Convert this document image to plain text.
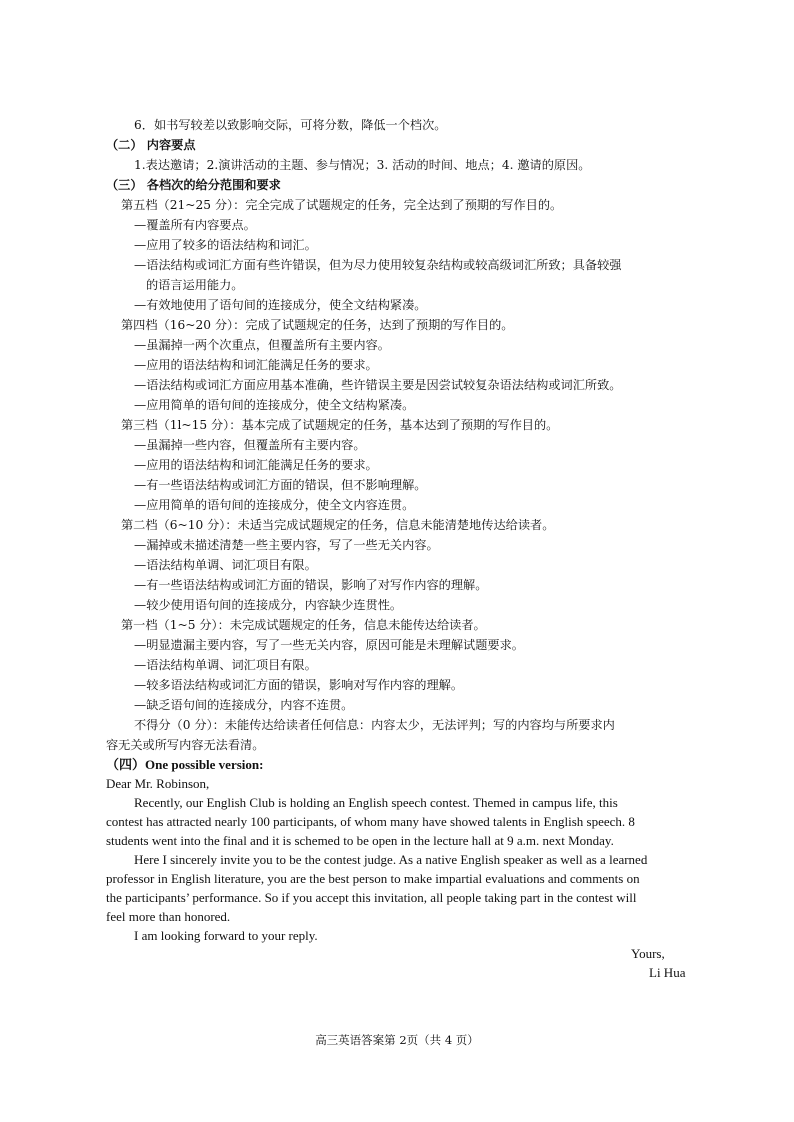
6．如书写较差以致影响交际，可将分数，降低一个档次。
（二） 内容要点
1.表达邀请；2.演讲活动的主题、参与情况；3. 活动的时间、地点；4. 邀请的原因。
（三） 各档次的给分范围和要求
第五档（21~25 分）：完全完成了试题规定的任务，完全达到了预期的写作目的。
—覆盖所有内容要点。
—应用了较多的语法结构和词汇。
—语法结构或词汇方面有些许错误，但为尽力使用较复杂结构或较高级词汇所致；具备较强
的语言运用能力。
—有效地使用了语句间的连接成分，使全文结构紧凑。
第四档（16~20 分）：完成了试题规定的任务，达到了预期的写作目的。
—虽漏掉一两个次重点，但覆盖所有主要内容。
—应用的语法结构和词汇能满足任务的要求。
—语法结构或词汇方面应用基本准确，些许错误主要是因尝试较复杂语法结构或词汇所致。
—应用简单的语句间的连接成分，使全文结构紧凑。
第三档（1l~15 分）：基本完成了试题规定的任务，基本达到了预期的写作目的。
—虽漏掉一些内容，但覆盖所有主要内容。
—应用的语法结构和词汇能满足任务的要求。
—有一些语法结构或词汇方面的错误，但不影响理解。
—应用简单的语句间的连接成分，使全文内容连贯。
第二档（6~10 分）：未适当完成试题规定的任务，信息未能清楚地传达给读者。
—漏掉或未描述清楚一些主要内容，写了一些无关内容。
—语法结构单调、词汇项目有限。
—有一些语法结构或词汇方面的错误，影响了对写作内容的理解。
—较少使用语句间的连接成分，内容缺少连贯性。
第一档（1~5 分）：未完成试题规定的任务，信息未能传达给读者。
—明显遗漏主要内容，写了一些无关内容，原因可能是未理解试题要求。
—语法结构单调、词汇项目有限。
—较多语法结构或词汇方面的错误，影响对写作内容的理解。
—缺乏语句间的连接成分，内容不连贯。
不得分（0 分）：未能传达给读者任何信息：内容太少，无法评判；写的内容均与所要求内
容无关或所写内容无法看清。
（四）One possible version:
Dear Mr. Robinson,
Recently, our English Club is holding an English speech contest. Themed in campus life, this
contest has attracted nearly 100 participants, of whom many have showed talents in English speech. 8
students went into the final and it is schemed to be open in the lecture hall at 9 a.m. next Monday.
Here I sincerely invite you to be the contest judge. As a native English speaker as well as a learned
professor in English literature, you are the best person to make impartial evaluations and comments on
the participants’ performance. So if you accept this invitation, all people taking part in the contest will
feel more than honored.
I am looking forward to your reply.
Yours,
Li Hua
高三英语答案第 2页（共 4 页）
